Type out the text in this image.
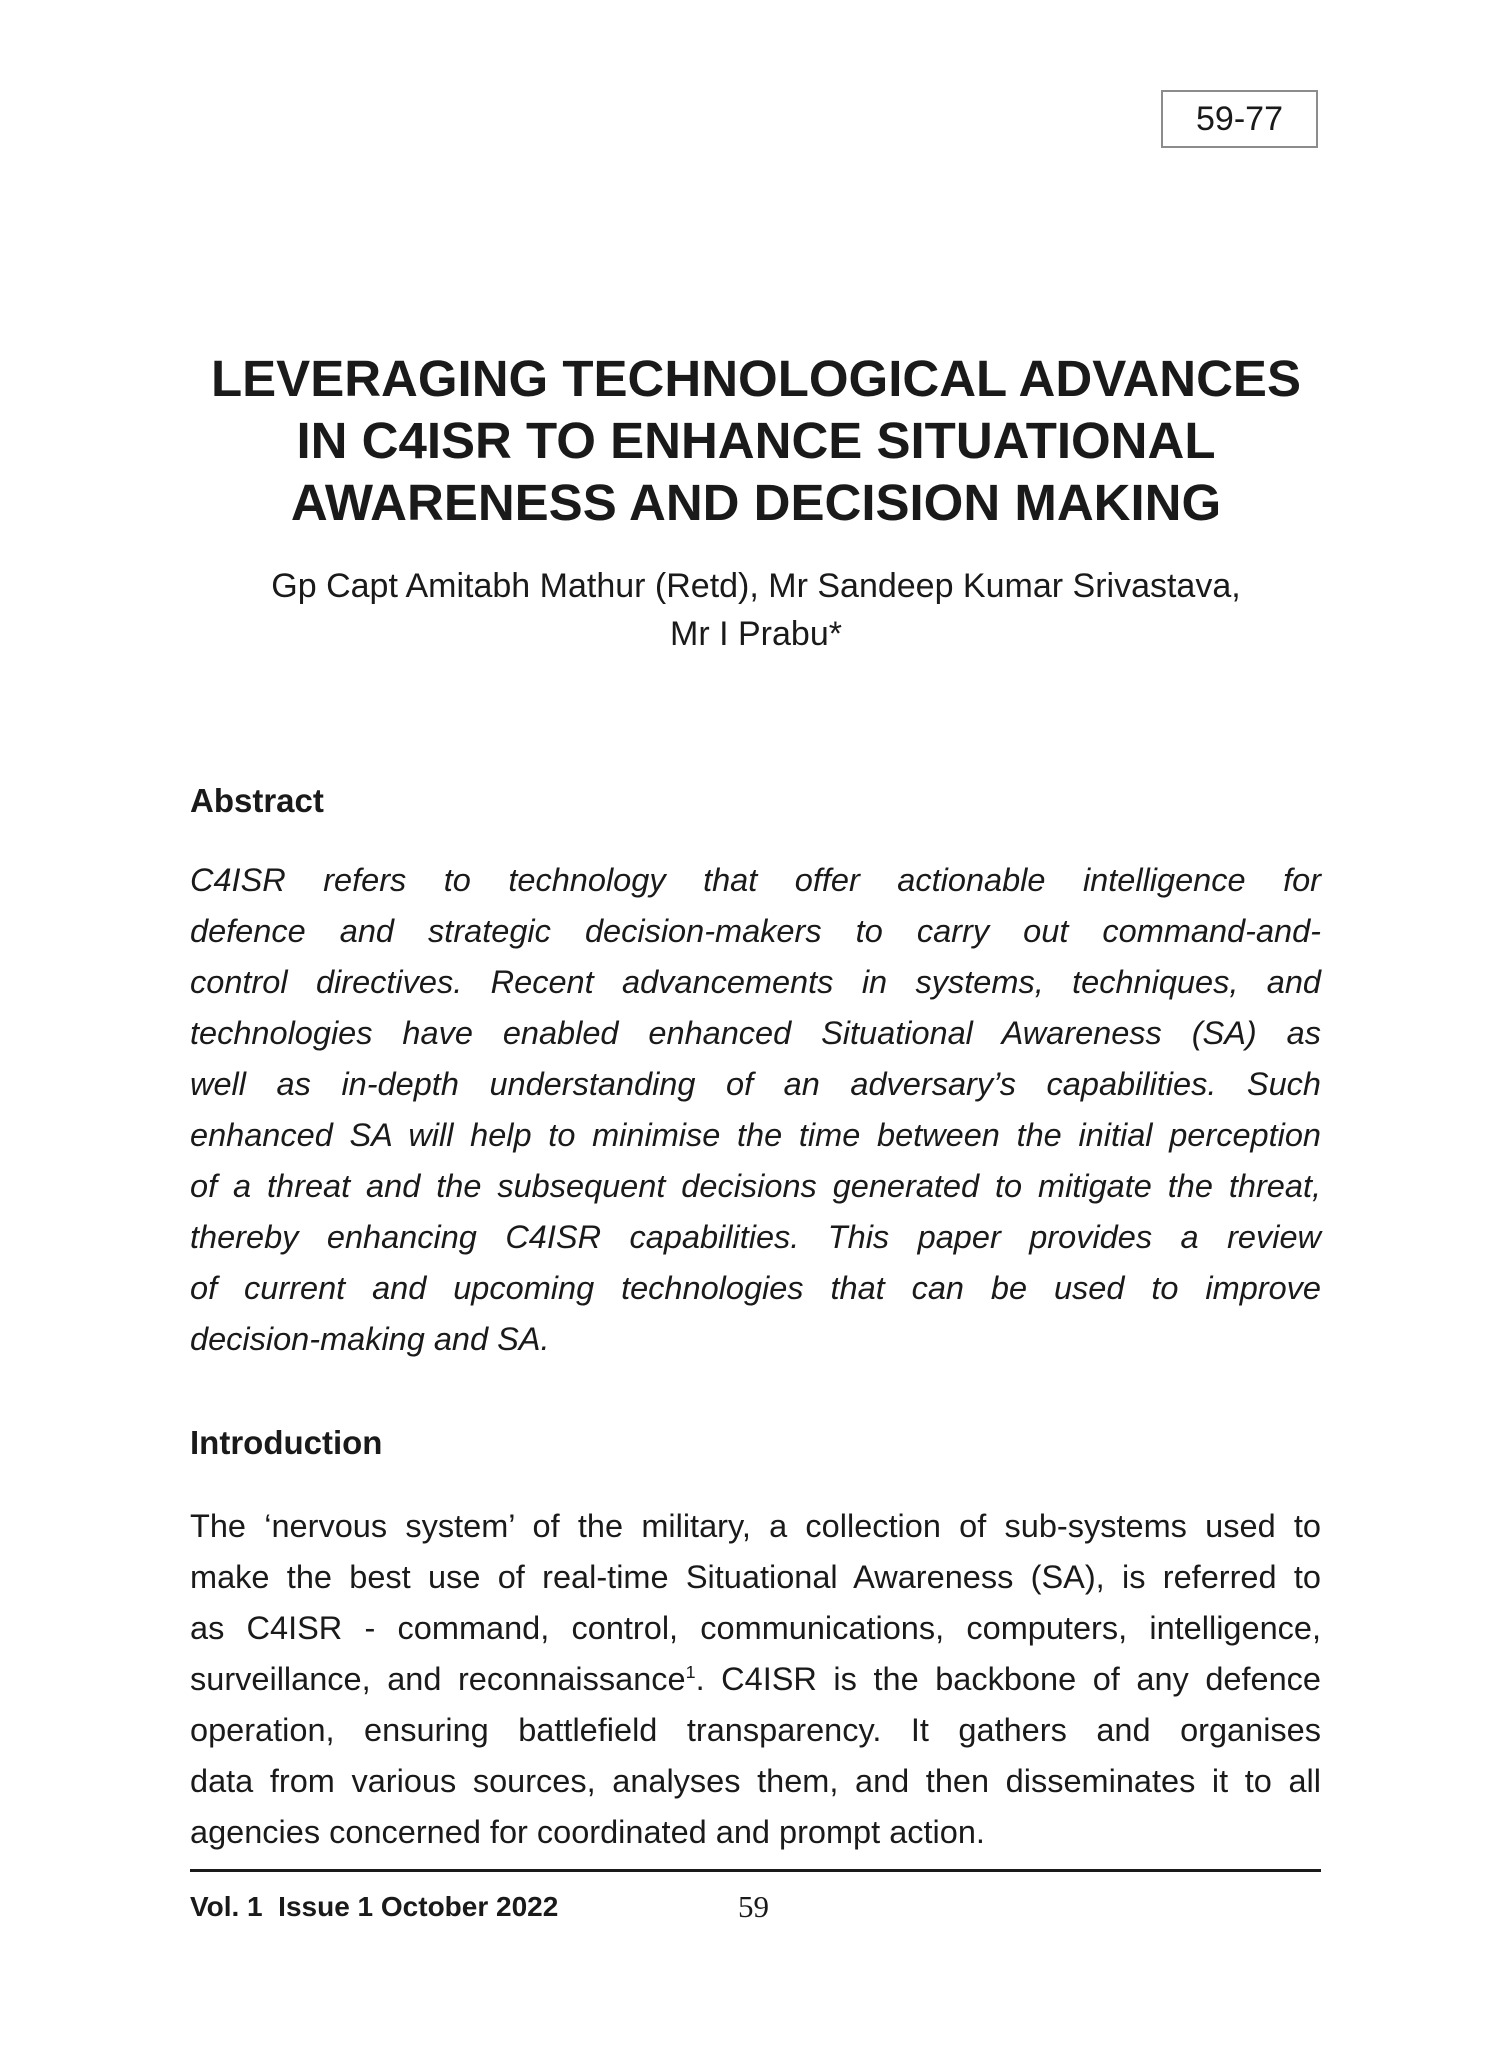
59-77
LEVERAGING TECHNOLOGICAL ADVANCES
IN C4ISR TO ENHANCE SITUATIONAL
AWARENESS AND DECISION MAKING
Gp Capt Amitabh Mathur (Retd), Mr Sandeep Kumar Srivastava,
Mr I Prabu*
Abstract
C4ISR refers to technology that offer actionable intelligence for
defence and strategic decision-makers to carry out command-and-
control directives. Recent advancements in systems, techniques, and
technologies have enabled enhanced Situational Awareness (SA) as
well as in-depth understanding of an adversary’s capabilities. Such
enhanced SA will help to minimise the time between the initial perception
of a threat and the subsequent decisions generated to mitigate the threat,
thereby enhancing C4ISR capabilities. This paper provides a review
of current and upcoming technologies that can be used to improve
decision-making and SA.
Introduction
The ‘nervous system’ of the military, a collection of sub-systems used to
make the best use of real-time Situational Awareness (SA), is referred to
as C4ISR - command, control, communications, computers, intelligence,
surveillance, and reconnaissance$^1$. C4ISR is the backbone of any defence
operation, ensuring battlefield transparency. It gathers and organises
data from various sources, analyses them, and then disseminates it to all
agencies concerned for coordinated and prompt action.
Vol. 1  Issue 1 October 2022	59
